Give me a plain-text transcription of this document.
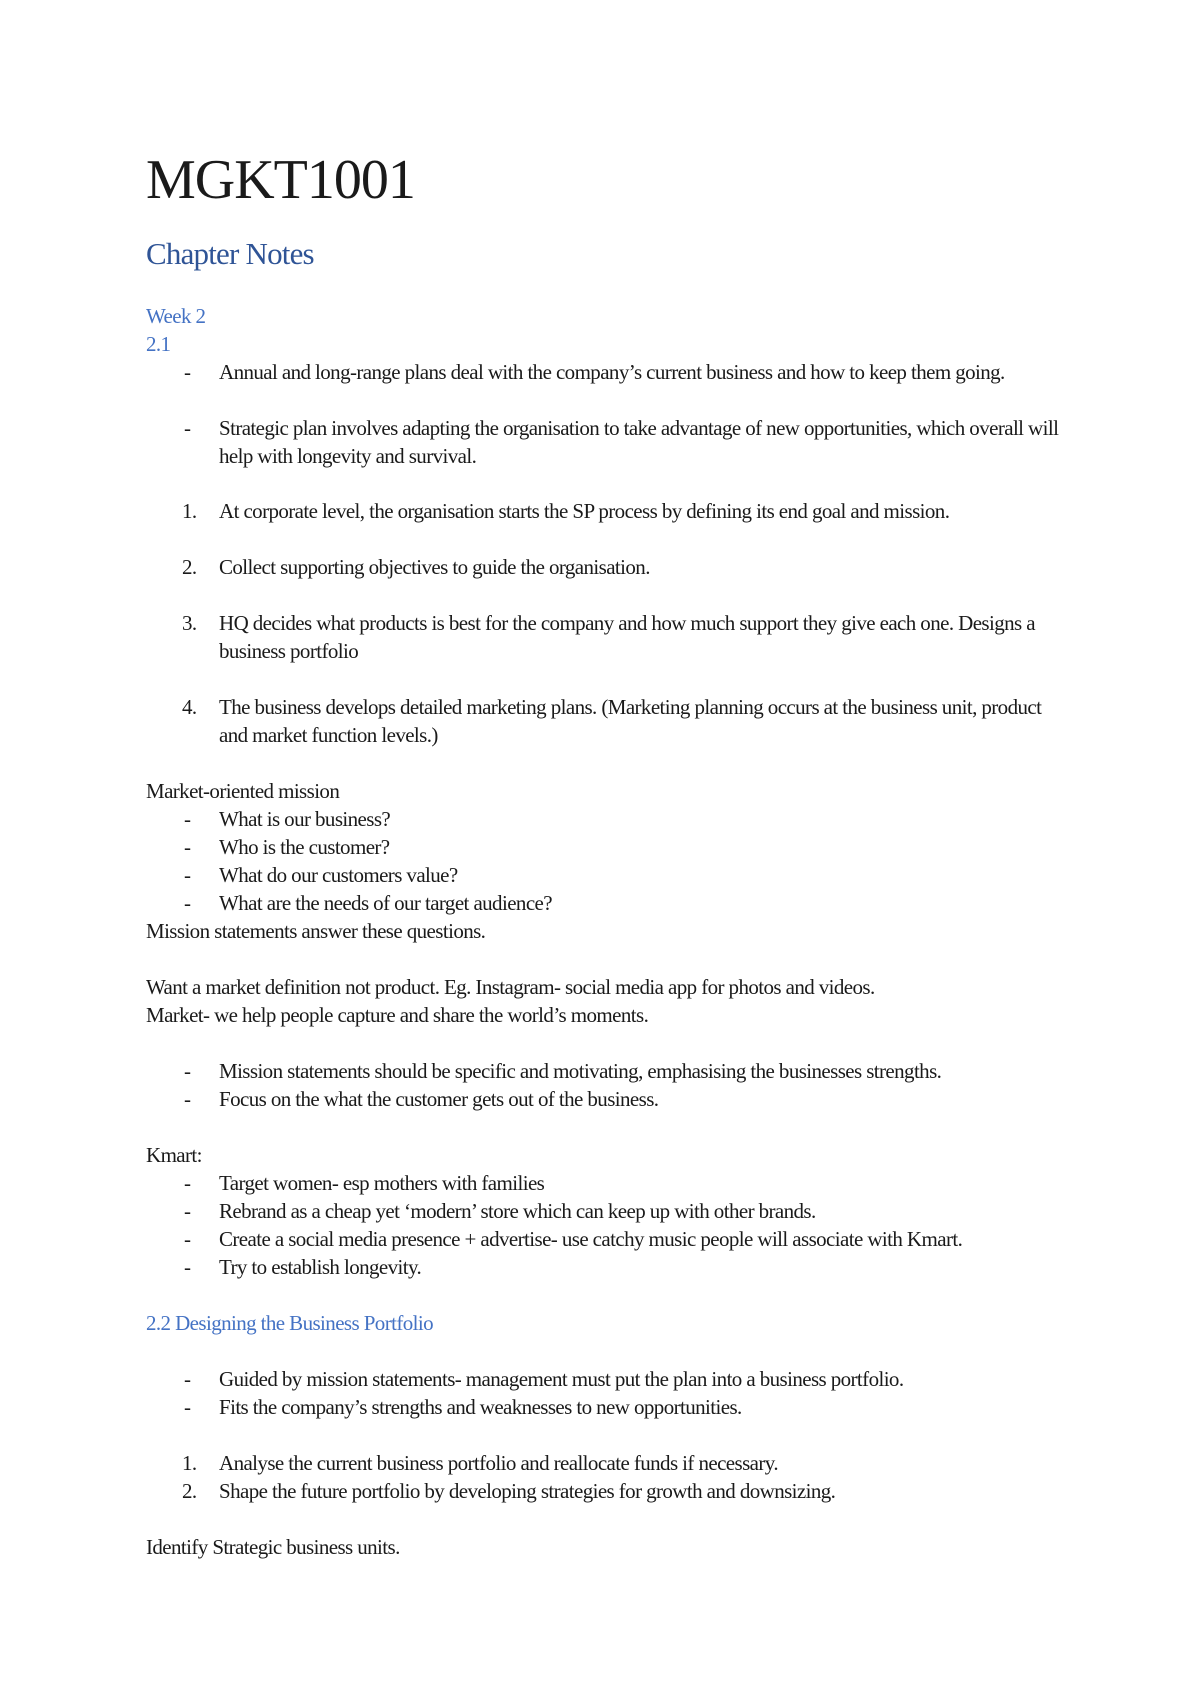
MGKT1001
Chapter Notes
Week 2
2.1
- Annual and long-range plans deal with the company’s current business and how to keep them going.
- Strategic plan involves adapting the organisation to take advantage of new opportunities, which overall will help with longevity and survival.
1. At corporate level, the organisation starts the SP process by defining its end goal and mission.
2. Collect supporting objectives to guide the organisation.
3. HQ decides what products is best for the company and how much support they give each one. Designs a business portfolio
4. The business develops detailed marketing plans. (Marketing planning occurs at the business unit, product and market function levels.)
Market-oriented mission
- What is our business?
- Who is the customer?
- What do our customers value?
- What are the needs of our target audience?
Mission statements answer these questions.
Want a market definition not product. Eg. Instagram- social media app for photos and videos.
Market- we help people capture and share the world’s moments.
- Mission statements should be specific and motivating, emphasising the businesses strengths.
- Focus on the what the customer gets out of the business.
Kmart:
- Target women- esp mothers with families
- Rebrand as a cheap yet ‘modern’ store which can keep up with other brands.
- Create a social media presence + advertise- use catchy music people will associate with Kmart.
- Try to establish longevity.
2.2 Designing the Business Portfolio
- Guided by mission statements- management must put the plan into a business portfolio.
- Fits the company’s strengths and weaknesses to new opportunities.
1. Analyse the current business portfolio and reallocate funds if necessary.
2. Shape the future portfolio by developing strategies for growth and downsizing.
Identify Strategic business units.
